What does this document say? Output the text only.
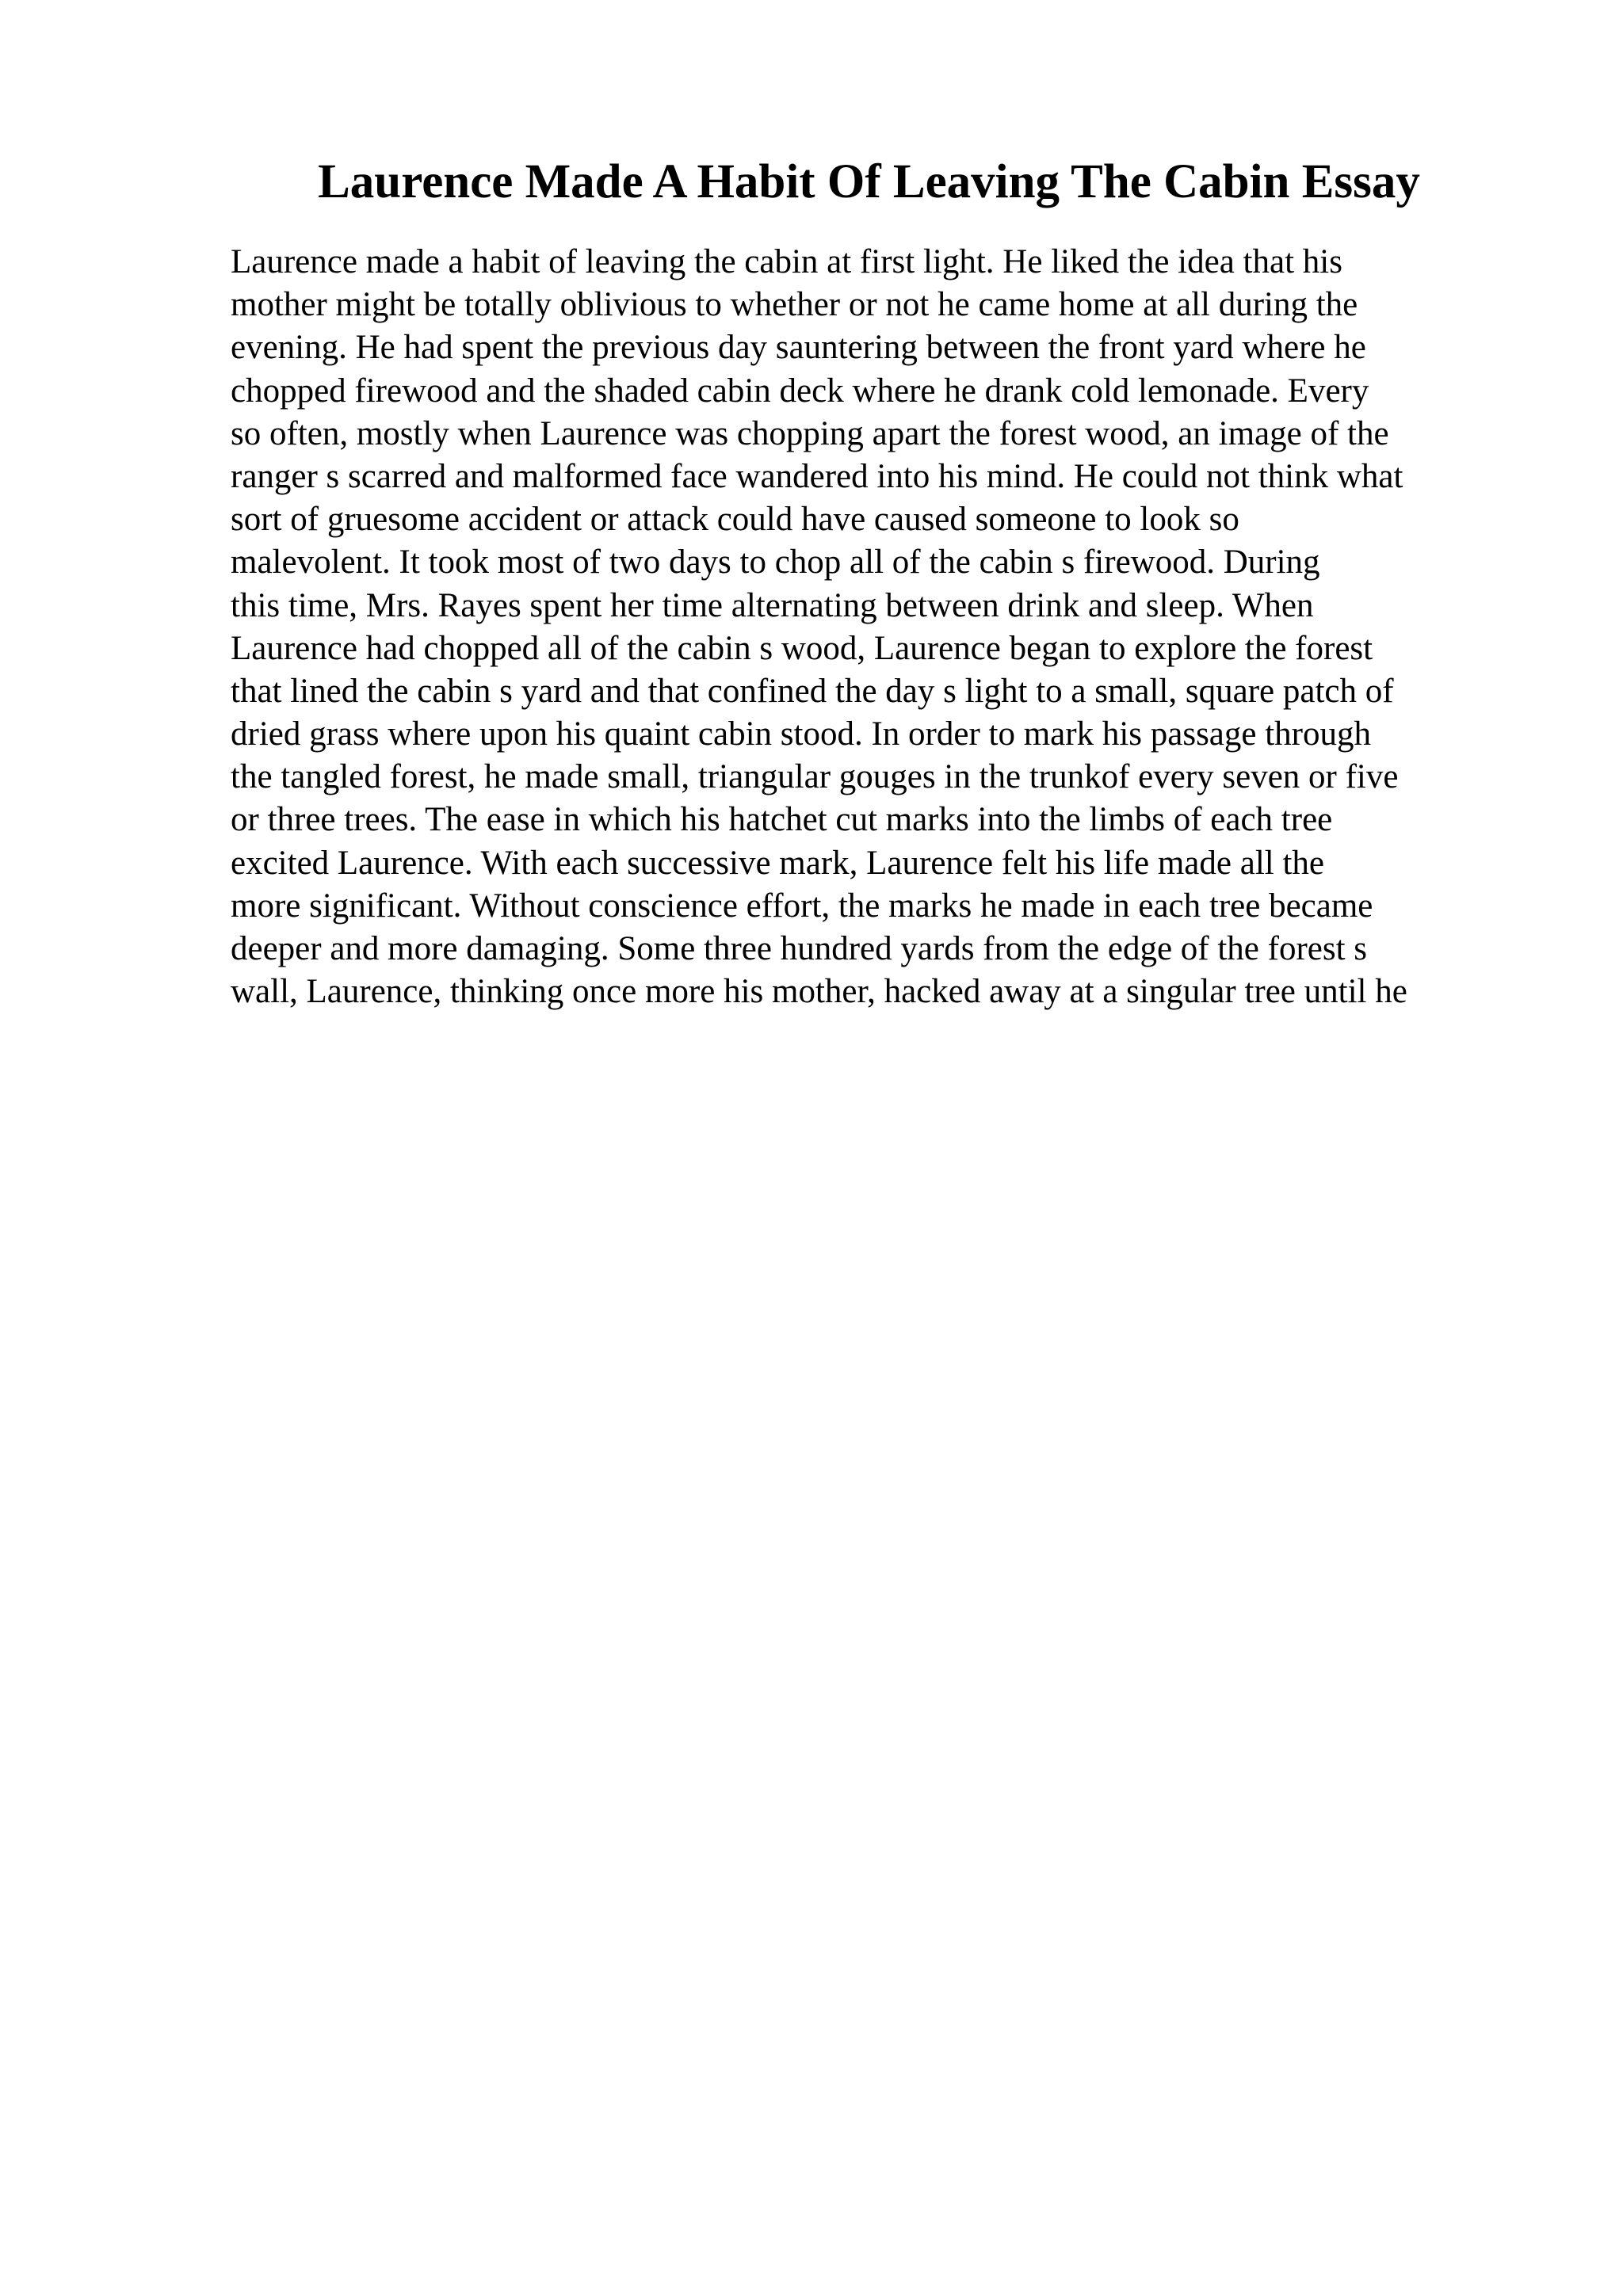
Laurence Made A Habit Of Leaving The Cabin Essay
Laurence made a habit of leaving the cabin at first light. He liked the idea that his
mother might be totally oblivious to whether or not he came home at all during the
evening. He had spent the previous day sauntering between the front yard where he
chopped firewood and the shaded cabin deck where he drank cold lemonade. Every
so often, mostly when Laurence was chopping apart the forest wood, an image of the
ranger s scarred and malformed face wandered into his mind. He could not think what
sort of gruesome accident or attack could have caused someone to look so
malevolent. It took most of two days to chop all of the cabin s firewood. During
this time, Mrs. Rayes spent her time alternating between drink and sleep. When
Laurence had chopped all of the cabin s wood, Laurence began to explore the forest
that lined the cabin s yard and that confined the day s light to a small, square patch of
dried grass where upon his quaint cabin stood. In order to mark his passage through
the tangled forest, he made small, triangular gouges in the trunkof every seven or five
or three trees. The ease in which his hatchet cut marks into the limbs of each tree
excited Laurence. With each successive mark, Laurence felt his life made all the
more significant. Without conscience effort, the marks he made in each tree became
deeper and more damaging. Some three hundred yards from the edge of the forest s
wall, Laurence, thinking once more his mother, hacked away at a singular tree until he
